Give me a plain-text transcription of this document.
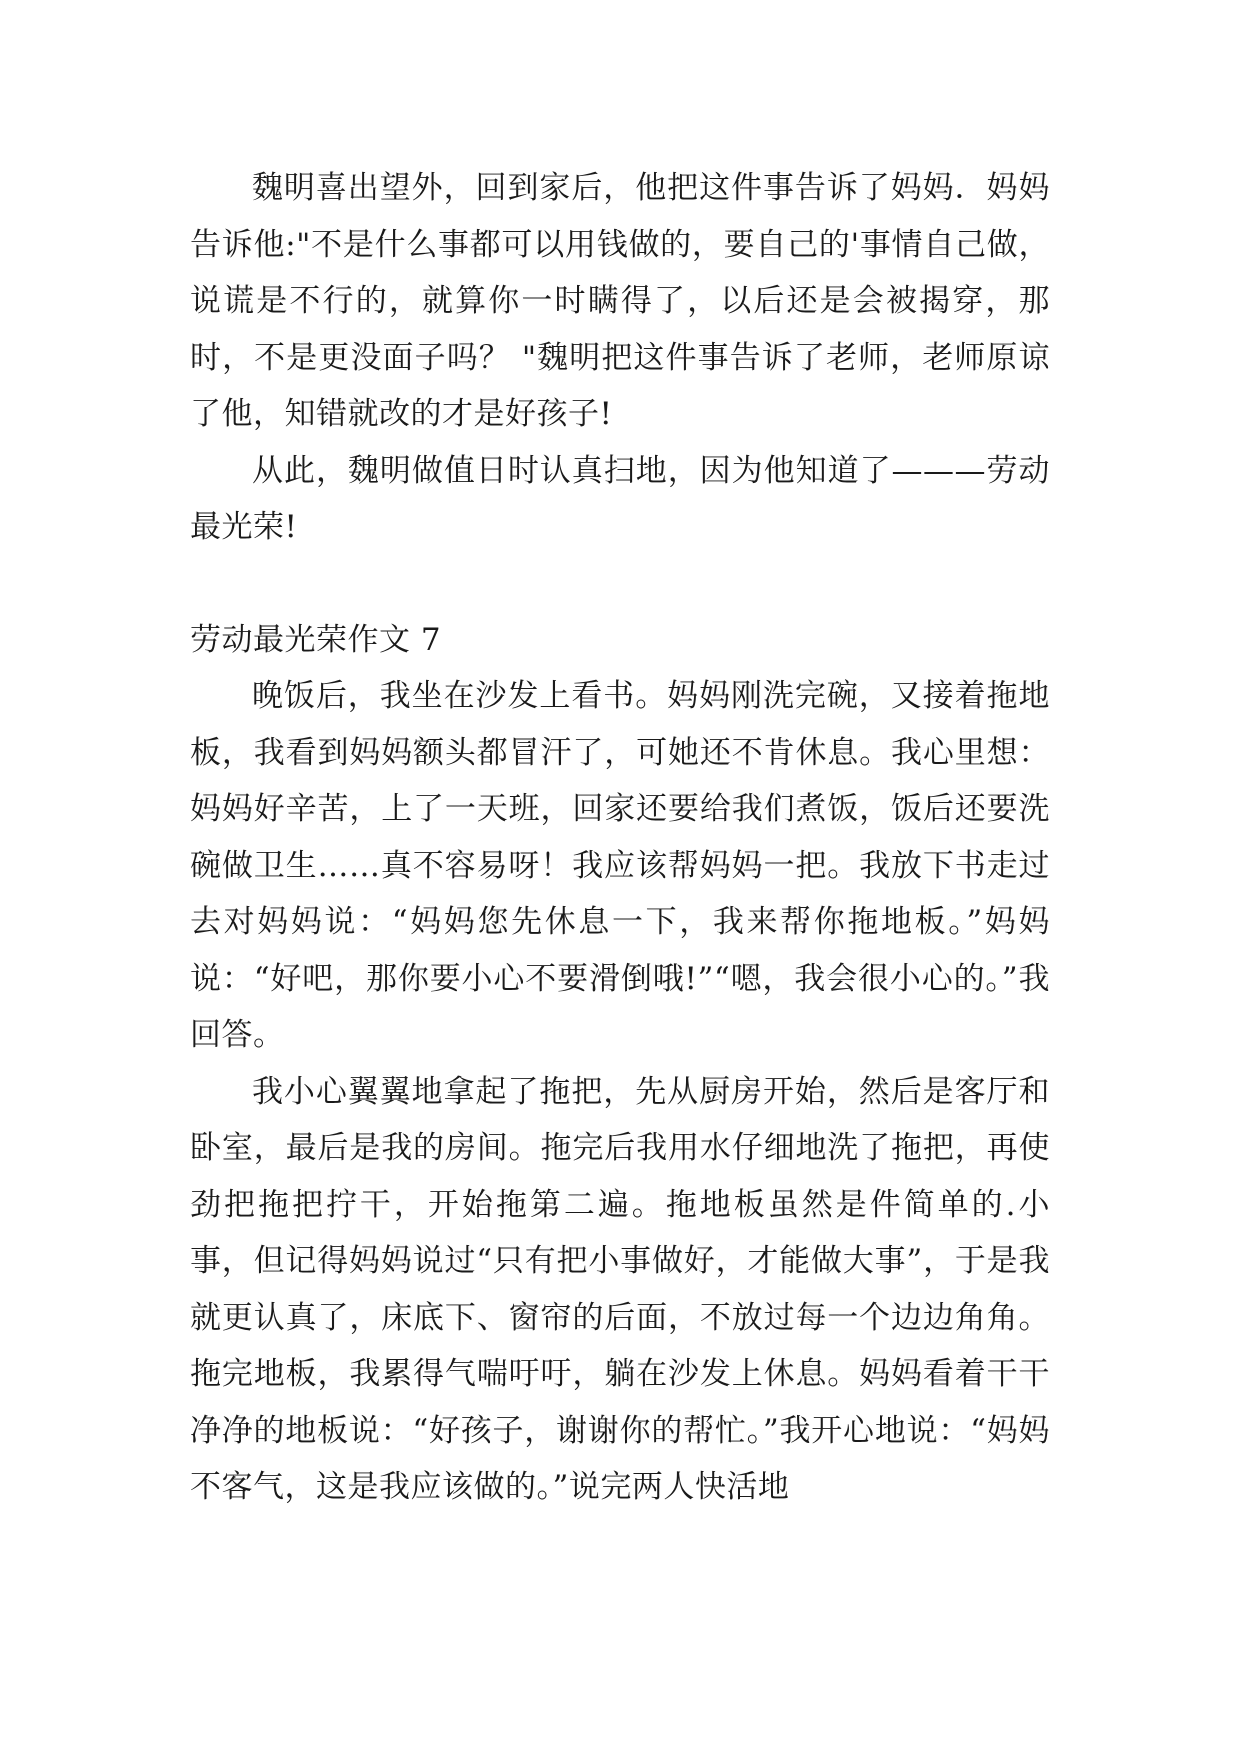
魏明喜出望外，回到家后，他把这件事告诉了妈妈．妈妈告诉他:"不是什么事都可以用钱做的，要自己的'事情自己做，说谎是不行的，就算你一时瞒得了，以后还是会被揭穿，那时，不是更没面子吗？ "魏明把这件事告诉了老师，老师原谅了他，知错就改的才是好孩子!

从此，魏明做值日时认真扫地，因为他知道了———劳动最光荣!

劳动最光荣作文 7

晚饭后，我坐在沙发上看书。妈妈刚洗完碗，又接着拖地板，我看到妈妈额头都冒汗了，可她还不肯休息。我心里想：妈妈好辛苦，上了一天班，回家还要给我们煮饭，饭后还要洗碗做卫生……真不容易呀！我应该帮妈妈一把。我放下书走过去对妈妈说：“妈妈您先休息一下，我来帮你拖地板。”妈妈说：“好吧，那你要小心不要滑倒哦!”“嗯，我会很小心的。”我回答。

我小心翼翼地拿起了拖把，先从厨房开始，然后是客厅和卧室，最后是我的房间。拖完后我用水仔细地洗了拖把，再使劲把拖把拧干，开始拖第二遍。拖地板虽然是件简单的.小事，但记得妈妈说过“只有把小事做好，才能做大事”，于是我就更认真了，床底下、窗帘的后面，不放过每一个边边角角。拖完地板，我累得气喘吁吁，躺在沙发上休息。妈妈看着干干净净的地板说：“好孩子，谢谢你的帮忙。”我开心地说：“妈妈不客气，这是我应该做的。”说完两人快活地
